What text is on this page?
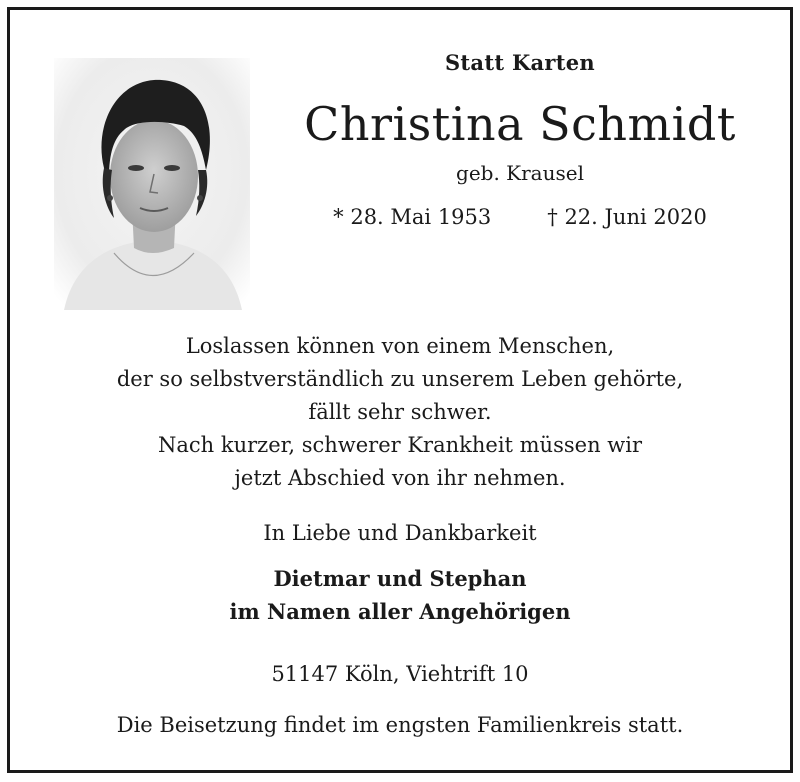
Statt Karten
Christina Schmidt
geb. Krausel
* 28. Mai 1953	† 22. Juni 2020
Loslassen können von einem Menschen,
der so selbstverständlich zu unserem Leben gehörte,
fällt sehr schwer.
Nach kurzer, schwerer Krankheit müssen wir
jetzt Abschied von ihr nehmen.
In Liebe und Dankbarkeit
Dietmar und Stephan
im Namen aller Angehörigen
51147 Köln, Viehtrift 10
Die Beisetzung findet im engsten Familienkreis statt.
